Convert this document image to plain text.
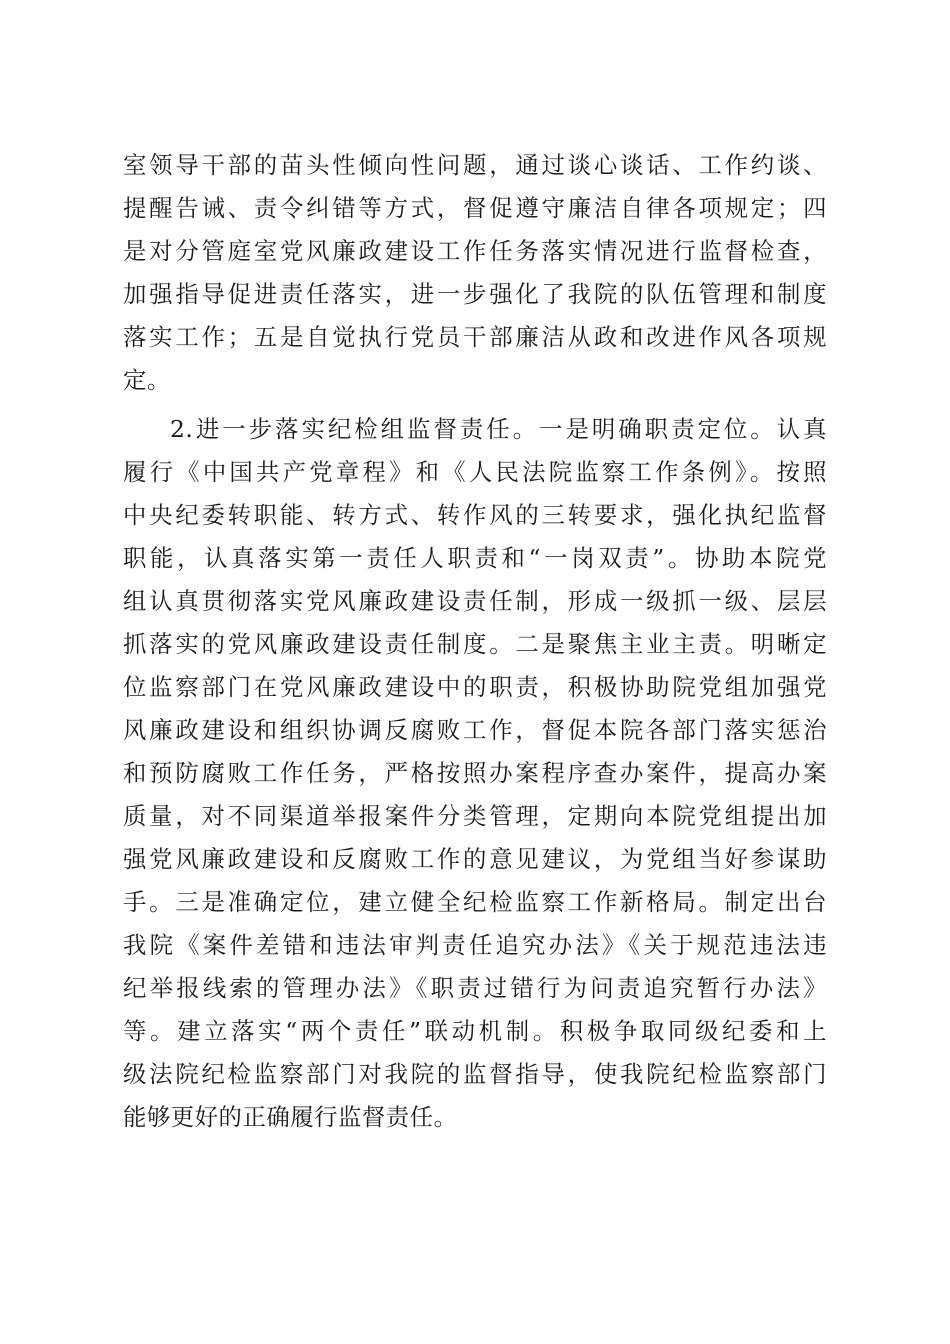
室领导干部的苗头性倾向性问题，通过谈心谈话、工作约谈、
提醒告诫、责令纠错等方式，督促遵守廉洁自律各项规定；四
是对分管庭室党风廉政建设工作任务落实情况进行监督检查，
加强指导促进责任落实，进一步强化了我院的队伍管理和制度
落实工作；五是自觉执行党员干部廉洁从政和改进作风各项规
定。
2.进一步落实纪检组监督责任。一是明确职责定位。认真
履行《中国共产党章程》和《人民法院监察工作条例》。按照
中央纪委转职能、转方式、转作风的三转要求，强化执纪监督
职能，认真落实第一责任人职责和“一岗双责”。协助本院党
组认真贯彻落实党风廉政建设责任制，形成一级抓一级、层层
抓落实的党风廉政建设责任制度。二是聚焦主业主责。明晰定
位监察部门在党风廉政建设中的职责，积极协助院党组加强党
风廉政建设和组织协调反腐败工作，督促本院各部门落实惩治
和预防腐败工作任务，严格按照办案程序查办案件，提高办案
质量，对不同渠道举报案件分类管理，定期向本院党组提出加
强党风廉政建设和反腐败工作的意见建议，为党组当好参谋助
手。三是准确定位，建立健全纪检监察工作新格局。制定出台
我院《案件差错和违法审判责任追究办法》《关于规范违法违
纪举报线索的管理办法》《职责过错行为问责追究暂行办法》
等。建立落实“两个责任”联动机制。积极争取同级纪委和上
级法院纪检监察部门对我院的监督指导，使我院纪检监察部门
能够更好的正确履行监督责任。
